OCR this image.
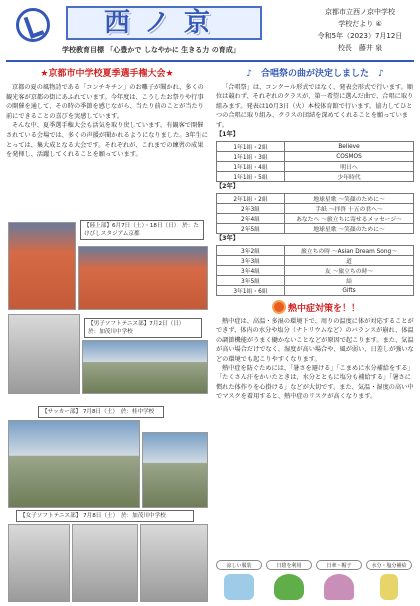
西ノ京
学校教育目標 「心豊かで しなやかに 生きる力 の育成」
京都市立西ノ京中学校
学校だより ④
令和5年（2023）7月12日
校長　藤井 泉
★京都市中学校夏季選手権大会★

京都の夏の風物詩である「コンチキチン」のお囃子が聞かれ、多くの観光客が京都の街にあふれています。今年度は、こうしたお祭りや行事の開催を通して、その時の季節を感じながら、当たり前のことが当たり前にできることの喜びを実感しています。

そんな中、夏季選手権大会も活気を取り戻しています。有観客で開催されている会場では、多くの声援が聞かれるようになりました。3年生にとっては、集大成となる大会です。それぞれが、これまでの練習の成果を発揮し、活躍してくれることを願っています。

【陸上部】6月7日（土）・18日（日）　於：たけびしスタジアム京都
【男子ソフトテニス部】7月2日（日）　於：加茂川中学校
【サッカー部】 7月8日（土）　於：桂中学校
【女子ソフトテニス部】 7月8日（土）　於：加茂川中学校
♪　合唱祭の曲が決定しました　♪
「合唱祭」は、コンクール形式ではなく、発表会形式で行います。順位は競わず、それぞれのクラスが、第一希望に選んだ曲で、合唱に取り組みます。発表は10月3日（火）本校体育館で行います。協力してひとつの合唱に取り組み、クラスの団結を深めてくれることを願っています。
【1年】
1年1組・2組	Believe
1年1組・3組	COSMOS
1年1組・4組	明日へ
1年1組・5組	少年時代
【2年】
2年1組・2組	地球星歌 ～笑顔のために～
2年3組	手紙 ～拝啓 十五の君へ～
2年4組	あなたへ ～旅立ちに寄せるメッセージ～
2年5組	地球星歌 ～笑顔のために～
【3年】
3年2組	旅立ちの時 ～Asian Dream Song～
3年3組	道
3年4組	友 ～旅立ちの時～
3年5組	結
3年1組・6組	Gifts
熱中症対策を！！

熱中症は、高温・多湿の環境下で、周りの温度に体が対応することができず、体内の水分や塩分（ナトリウムなど）のバランスが崩れ、体温の調節機能がうまく働かないことなどが原因で起こります。また、気温が高い場合だけでなく、湿度が高い場合や、風が弱い、日差しが強いなどの環境でも起こりやすくなります。

熱中症を防ぐためには、「暑さを避ける」「こまめに水分補給をする」「たくさん汗をかいたときは、水分とともに塩分も補給する」「暑さに慣れた体作りを心掛ける」などが大切です。また、気温・湿度の高い中でマスクを着用すると、熱中症のリスクが高くなります。

涼しい服装	日陰を利用	日傘・帽子	水分・塩分補給
